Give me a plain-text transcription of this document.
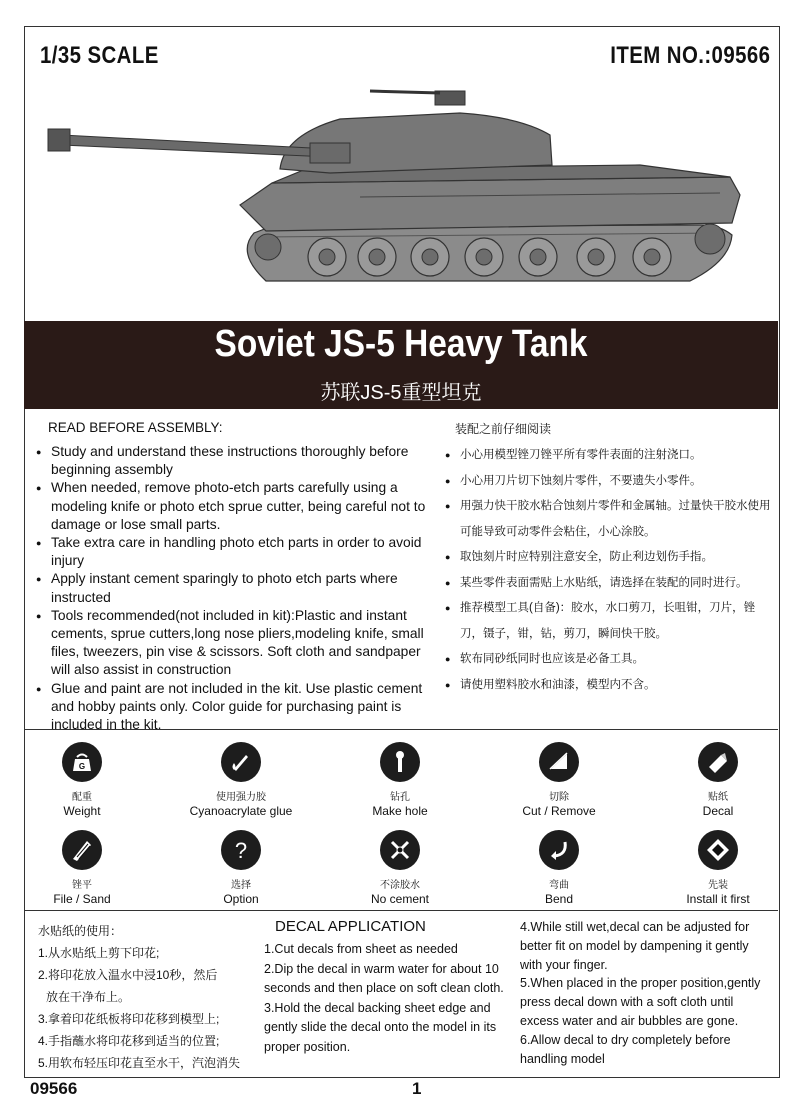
1/35 SCALE	ITEM NO.:09566
Soviet JS-5 Heavy Tank
苏联JS-5重型坦克
READ BEFORE ASSEMBLY:	装配之前仔细阅读
● Study and understand these instructions thoroughly before beginning assembly
● When needed, remove photo-etch parts carefully using a modeling knife or photo etch sprue cutter, being careful not to damage or lose small parts.
● Take extra care in handling photo etch parts in order to avoid injury
● Apply instant cement sparingly to photo etch parts where instructed
● Tools recommended(not included in kit):Plastic and instant cements, sprue cutters,long nose pliers,modeling knife, small files, tweezers, pin vise & scissors. Soft cloth and sandpaper will also assist in construction
● Glue and paint are not included in the kit. Use plastic cement and hobby paints only. Color guide for purchasing paint is included in the kit.
● 小心用模型锉刀锉平所有零件表面的注射浇口。
● 小心用刀片切下蚀刻片零件，不要遗失小零件。
● 用强力快干胶水粘合蚀刻片零件和金属轴。过量快干胶水使用可能导致可动零件会粘住，小心涂胶。
● 取蚀刻片时应特别注意安全，防止利边划伤手指。
● 某些零件表面需贴上水贴纸，请选择在装配的同时进行。
● 推荐模型工具(自备)：胶水，水口剪刀，长咀钳，刀片，锉刀，镊子，钳，钻，剪刀，瞬间快干胶。
● 软布同砂纸同时也应该是必备工具。
● 请使用塑料胶水和油漆，模型内不含。
G
配重
Weight
使用强力胶
Cyanoacrylate glue
钻孔
Make hole
切除
Cut / Remove
贴纸
Decal
锉平
File / Sand
?
选择
Option
不涂胶水
No cement
弯曲
Bend
先装
Install it first
水贴纸的使用：
1.从水贴纸上剪下印花;
2.将印花放入温水中浸10秒，然后
放在干净布上。
3.拿着印花纸板将印花移到模型上;
4.手指蘸水将印花移到适当的位置;
5.用软布轻压印花直至水干，汽泡消失
DECAL APPLICATION

1.Cut decals from sheet as needed

2.Dip the decal in warm water for about 10 seconds and then place on soft clean cloth.

3.Hold the decal backing sheet edge and gently slide the decal onto the model in its proper position.

4.While still wet,decal can be adjusted for better fit on model by dampening it gently with your finger.

5.When placed in the proper position,gently press decal down with a soft cloth until excess water and air bubbles are gone.

6.Allow decal to dry completely before handling model

09566	1
